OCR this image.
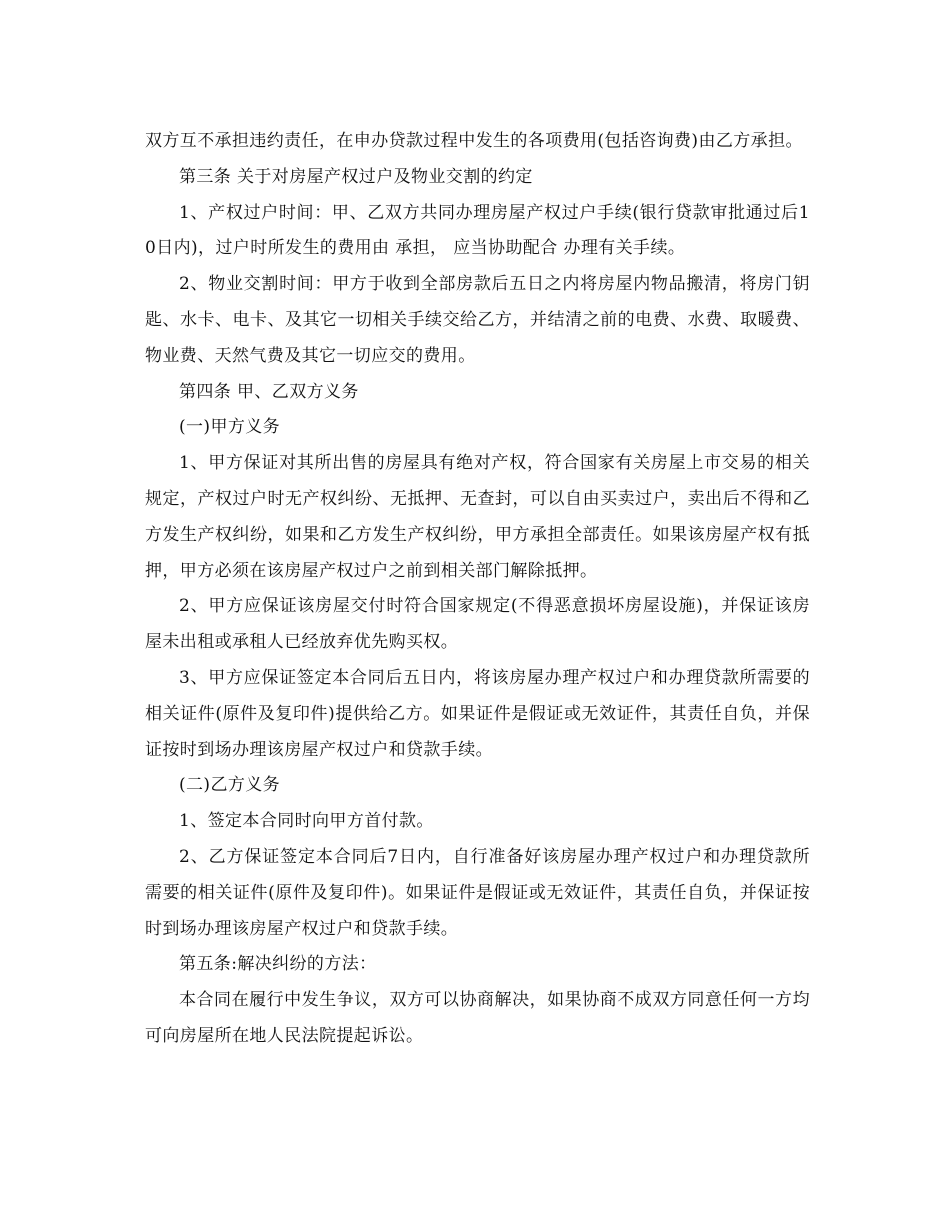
双方互不承担违约责任，在申办贷款过程中发生的各项费用(包括咨询费)由乙方承担。

第三条 关于对房屋产权过户及物业交割的约定

1、产权过户时间：甲、乙双方共同办理房屋产权过户手续(银行贷款审批通过后10日内)，过户时所发生的费用由 承担， 应当协助配合 办理有关手续。

2、物业交割时间：甲方于收到全部房款后五日之内将房屋内物品搬清，将房门钥匙、水卡、电卡、及其它一切相关手续交给乙方，并结清之前的电费、水费、取暖费、物业费、天然气费及其它一切应交的费用。

第四条 甲、乙双方义务

(一)甲方义务

1、甲方保证对其所出售的房屋具有绝对产权，符合国家有关房屋上市交易的相关规定，产权过户时无产权纠纷、无抵押、无查封，可以自由买卖过户，卖出后不得和乙方发生产权纠纷，如果和乙方发生产权纠纷，甲方承担全部责任。如果该房屋产权有抵押，甲方必须在该房屋产权过户之前到相关部门解除抵押。

2、甲方应保证该房屋交付时符合国家规定(不得恶意损坏房屋设施)，并保证该房屋未出租或承租人已经放弃优先购买权。

3、甲方应保证签定本合同后五日内，将该房屋办理产权过户和办理贷款所需要的相关证件(原件及复印件)提供给乙方。如果证件是假证或无效证件，其责任自负，并保证按时到场办理该房屋产权过户和贷款手续。

(二)乙方义务

1、签定本合同时向甲方首付款。

2、乙方保证签定本合同后7日内，自行准备好该房屋办理产权过户和办理贷款所需要的相关证件(原件及复印件)。如果证件是假证或无效证件，其责任自负，并保证按时到场办理该房屋产权过户和贷款手续。

第五条:解决纠纷的方法：

本合同在履行中发生争议，双方可以协商解决，如果协商不成双方同意任何一方均可向房屋所在地人民法院提起诉讼。
